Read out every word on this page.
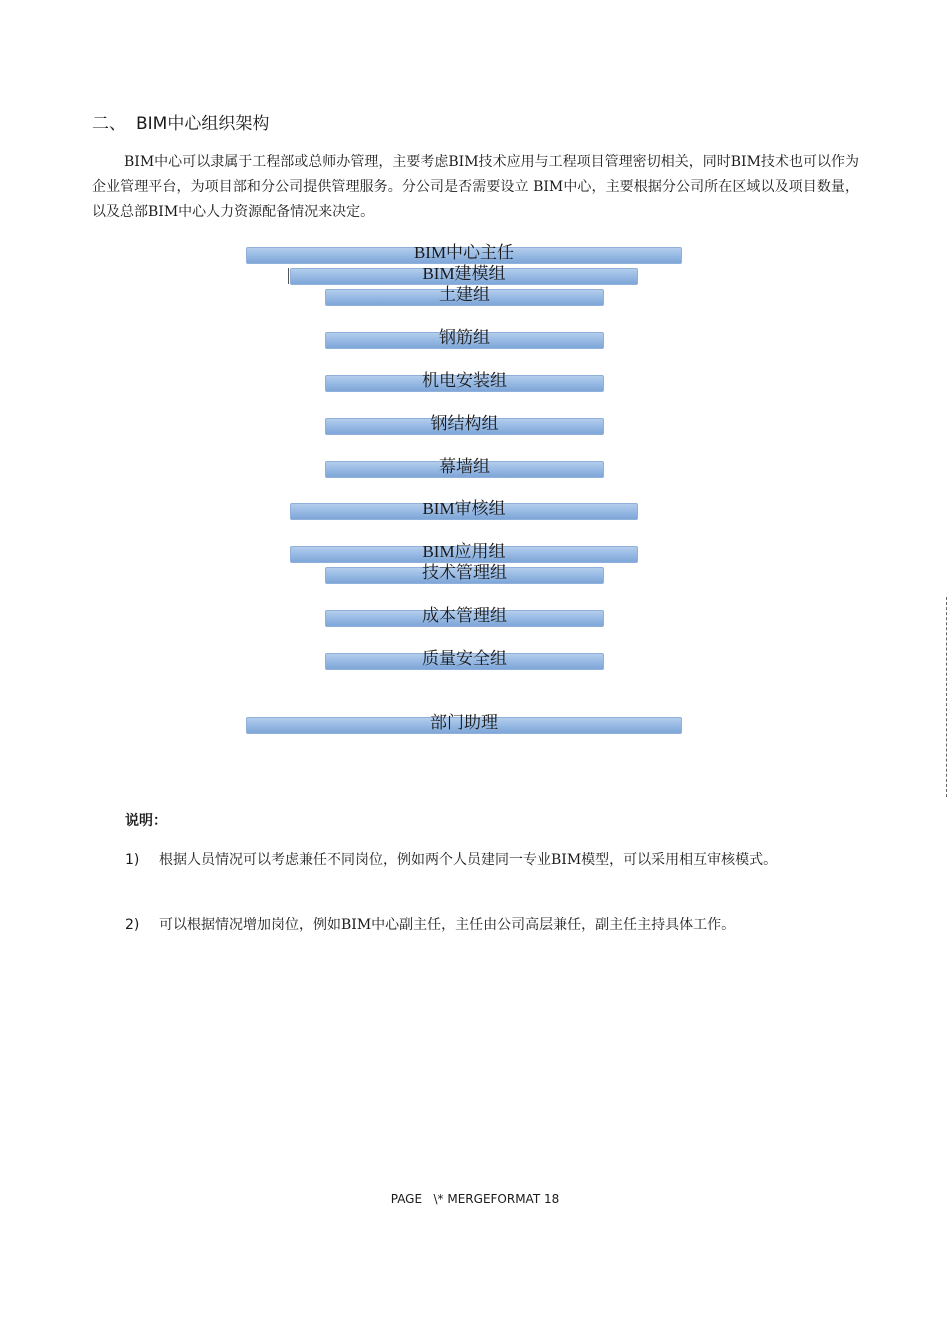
二、 BIM中心组织架构
BIM中心可以隶属于工程部或总师办管理，主要考虑BIM技术应用与工程项目管理密切相关，同时BIM技术也可以作为企业管理平台，为项目部和分公司提供管理服务。分公司是否需要设立 BIM中心，主要根据分公司所在区域以及项目数量，以及总部BIM中心人力资源配备情况来决定。
BIM中心主任
BIM建模组
土建组
钢筋组
机电安装组
钢结构组
幕墙组
BIM审核组
BIM应用组
技术管理组
成本管理组
质量安全组
部门助理
说明：
1) 根据人员情况可以考虑兼任不同岗位，例如两个人员建同一专业BIM模型，可以采用相互审核模式。
2) 可以根据情况增加岗位，例如BIM中心副主任，主任由公司高层兼任，副主任主持具体工作。
PAGE   \* MERGEFORMAT 18
